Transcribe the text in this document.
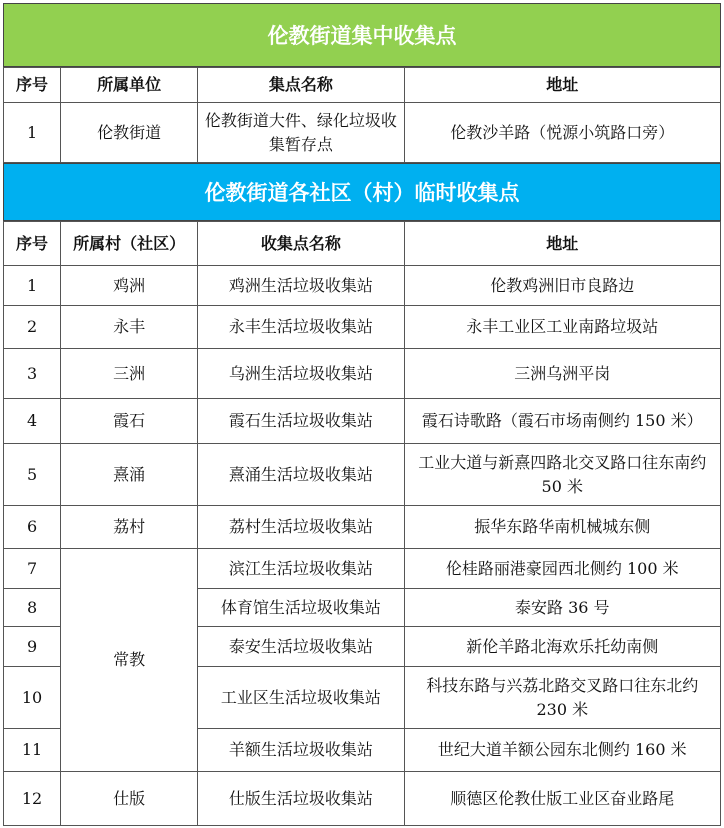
伦教街道集中收集点
序号	所属单位	集点名称	地址
1	伦教街道	伦教街道大件、绿化垃圾收集暂存点	伦教沙羊路（悦源小筑路口旁）
伦教街道各社区（村）临时收集点
序号	所属村（社区）	收集点名称	地址
1	鸡洲	鸡洲生活垃圾收集站	伦教鸡洲旧市良路边
2	永丰	永丰生活垃圾收集站	永丰工业区工业南路垃圾站
3	三洲	乌洲生活垃圾收集站	三洲乌洲平岗
4	霞石	霞石生活垃圾收集站	霞石诗歌路（霞石市场南侧约 150 米）
5	熹涌	熹涌生活垃圾收集站	工业大道与新熹四路北交叉路口往东南约 50 米
6	荔村	荔村生活垃圾收集站	振华东路华南机械城东侧
7	常教	滨江生活垃圾收集站	伦桂路丽港豪园西北侧约 100 米
8		体育馆生活垃圾收集站	泰安路 36 号
9		泰安生活垃圾收集站	新伦羊路北海欢乐托幼南侧
10		工业区生活垃圾收集站	科技东路与兴荔北路交叉路口往东北约 230 米
11		羊额生活垃圾收集站	世纪大道羊额公园东北侧约 160 米
12	仕版	仕版生活垃圾收集站	顺德区伦教仕版工业区奋业路尾
